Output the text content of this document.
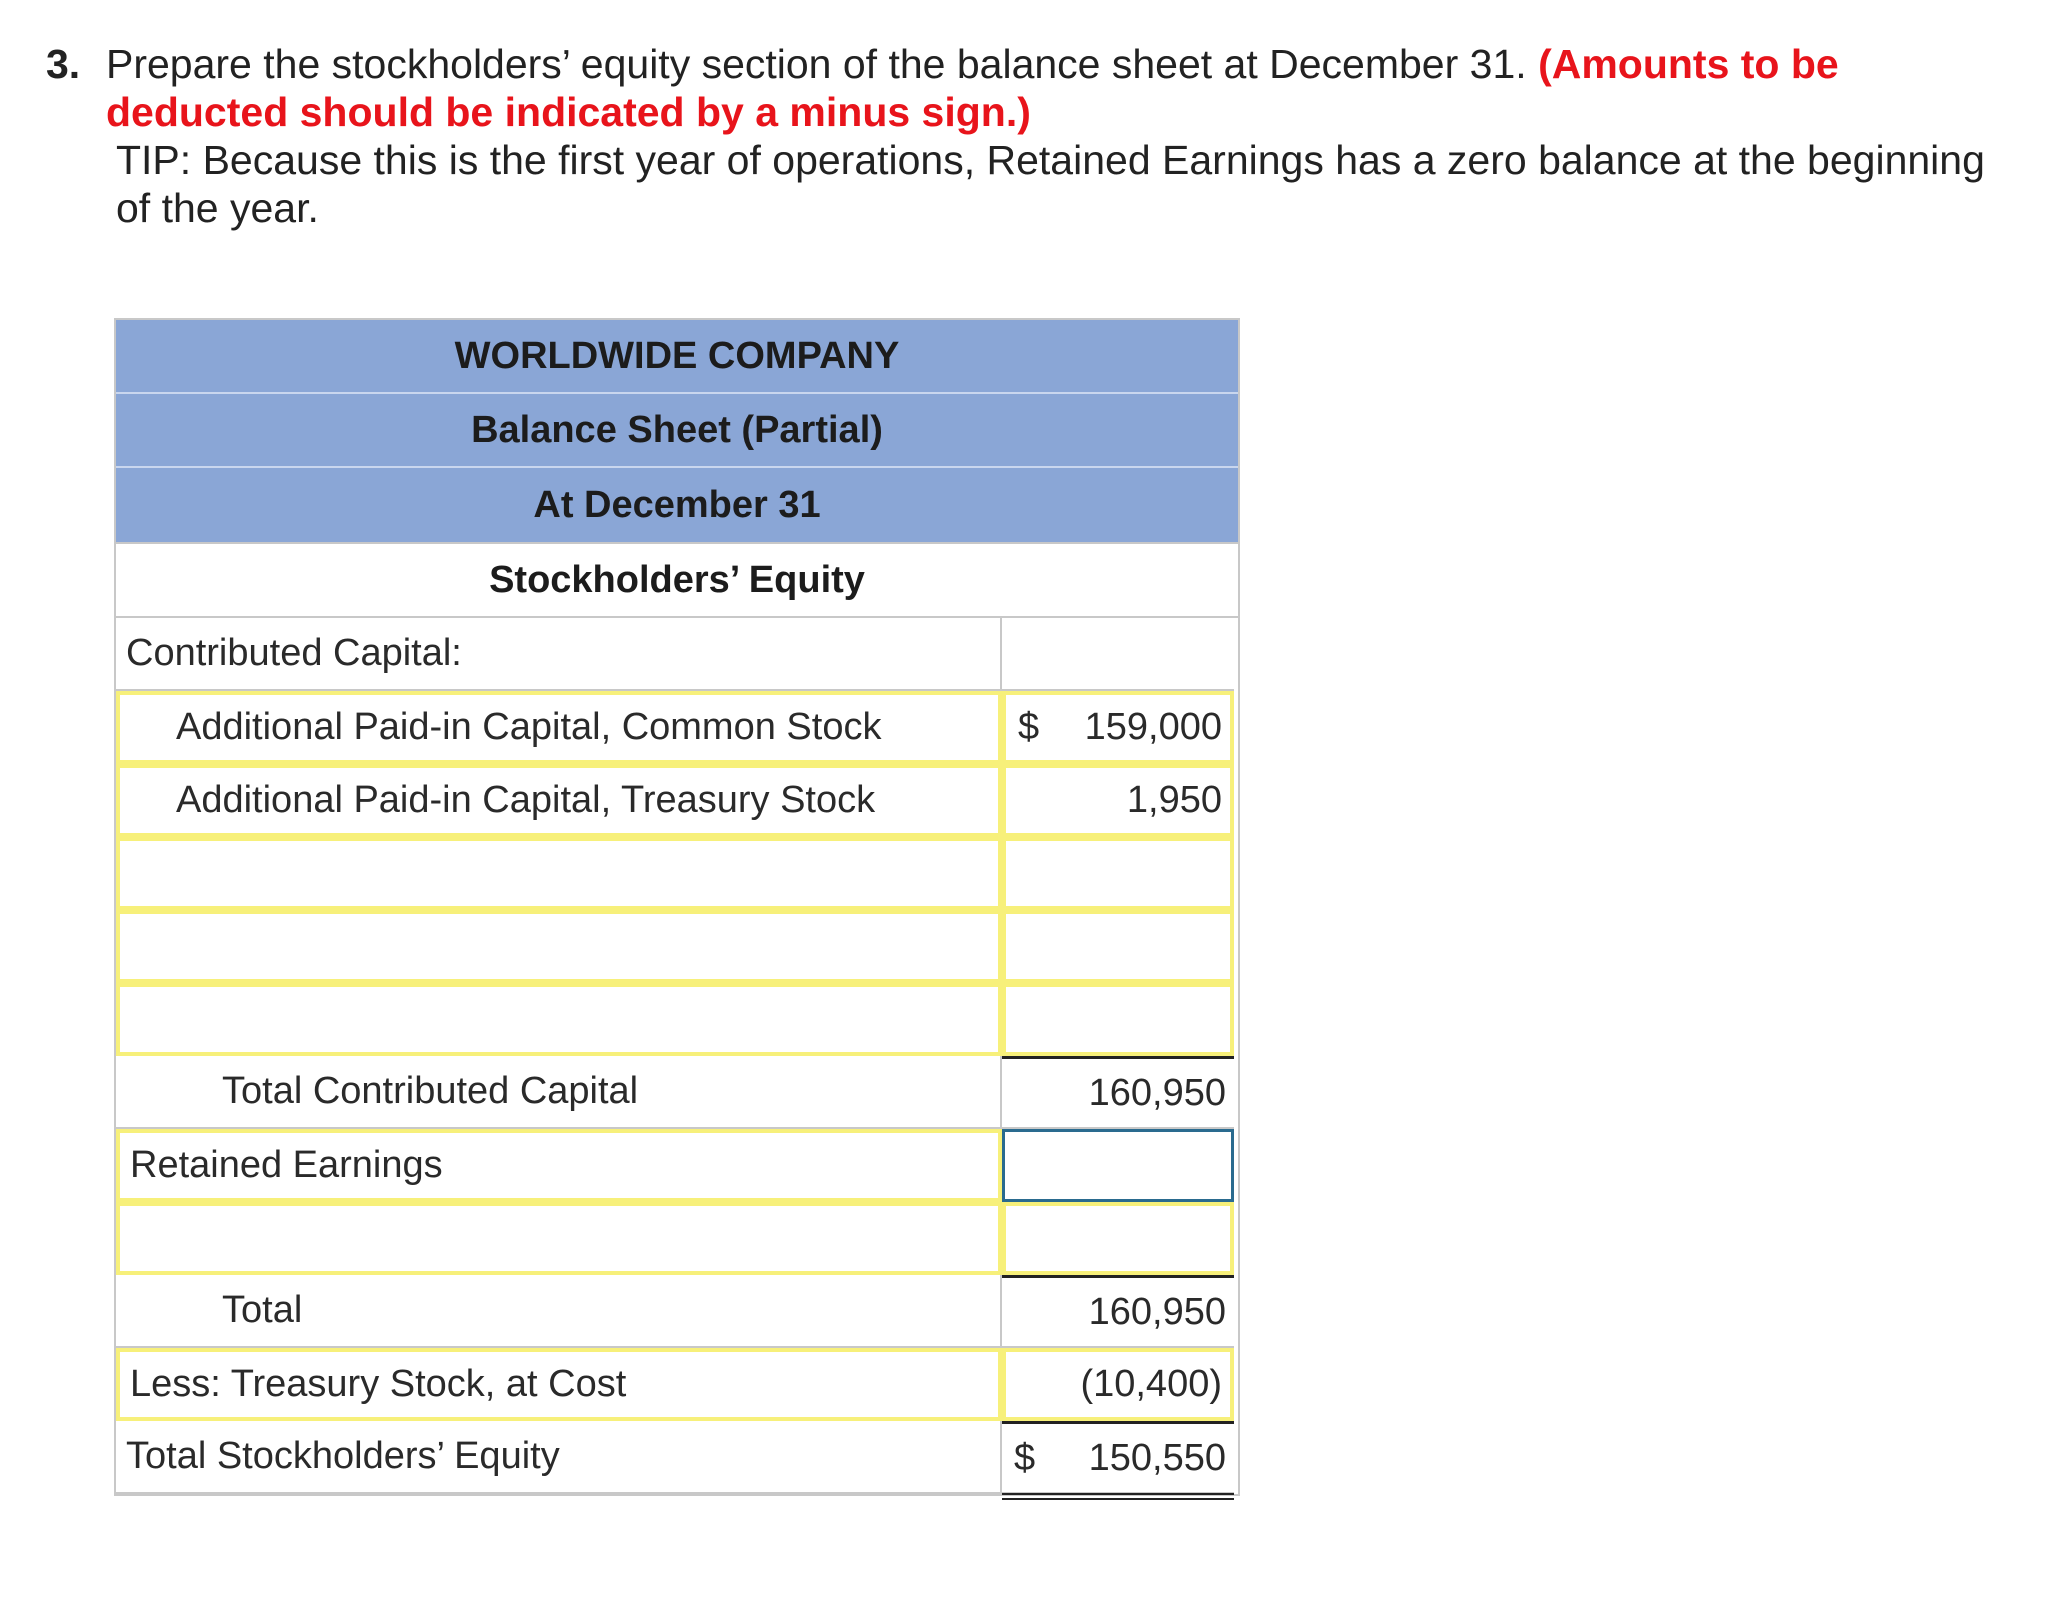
3. Prepare the stockholders’ equity section of the balance sheet at December 31. (Amounts to be deducted should be indicated by a minus sign.)
TIP: Because this is the first year of operations, Retained Earnings has a zero balance at the beginning of the year.
WORLDWIDE COMPANY
Balance Sheet (Partial)
At December 31
Stockholders’ Equity
Contributed Capital:
Additional Paid-in Capital, Common Stock	$ 159,000
Additional Paid-in Capital, Treasury Stock	1,950
Total Contributed Capital	160,950
Retained Earnings
Total	160,950
Less: Treasury Stock, at Cost	(10,400)
Total Stockholders’ Equity	$ 150,550
